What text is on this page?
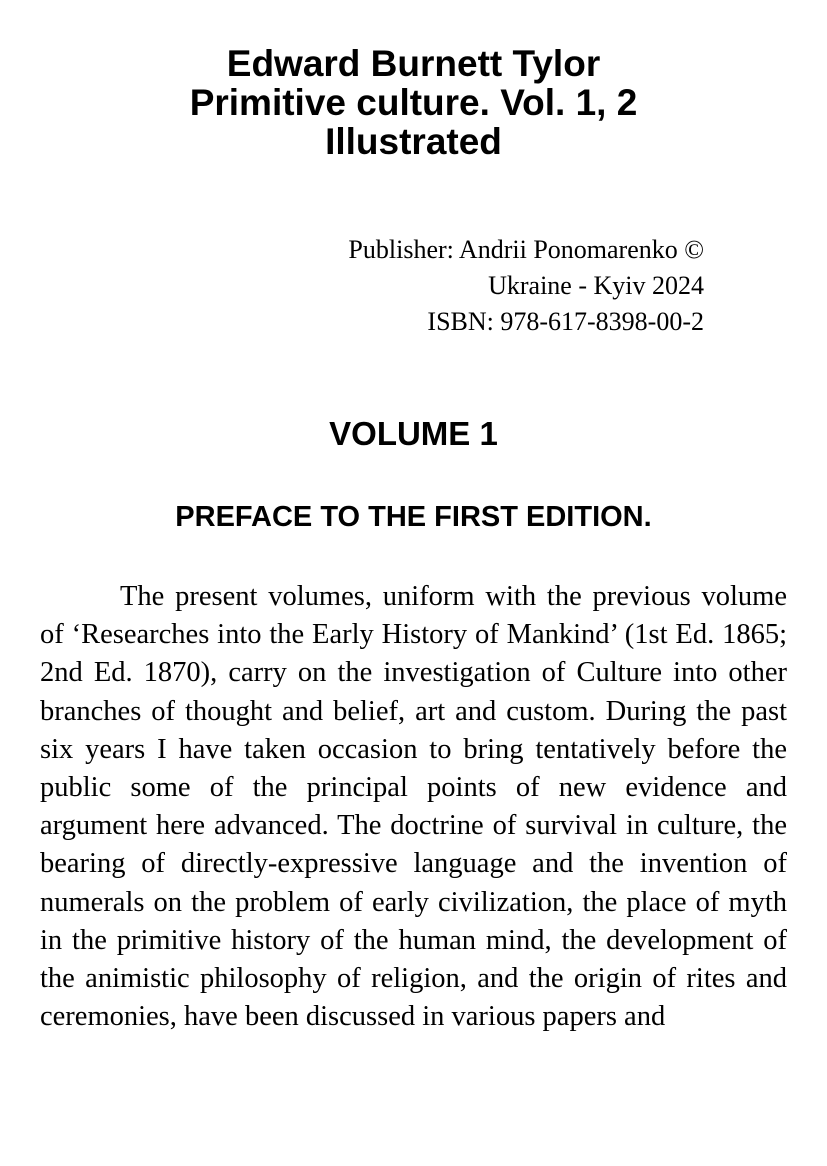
Edward Burnett Tylor
Primitive culture. Vol. 1, 2
Illustrated
Publisher: Andrii Ponomarenko ©
Ukraine - Kyiv 2024
ISBN: 978-617-8398-00-2
VOLUME 1
PREFACE TO THE FIRST EDITION.

The present volumes, uniform with the previous volume of ‘Researches into the Early History of Mankind’ (1st Ed. 1865; 2nd Ed. 1870), carry on the investigation of Culture into other branches of thought and belief, art and custom. During the past six years I have taken occasion to bring tentatively before the public some of the principal points of new evidence and argument here advanced. The doctrine of survival in culture, the bearing of directly-expressive language and the invention of numerals on the problem of early civilization, the place of myth in the primitive history of the human mind, the development of the animistic philosophy of religion, and the origin of rites and ceremonies, have been discussed in various papers and
